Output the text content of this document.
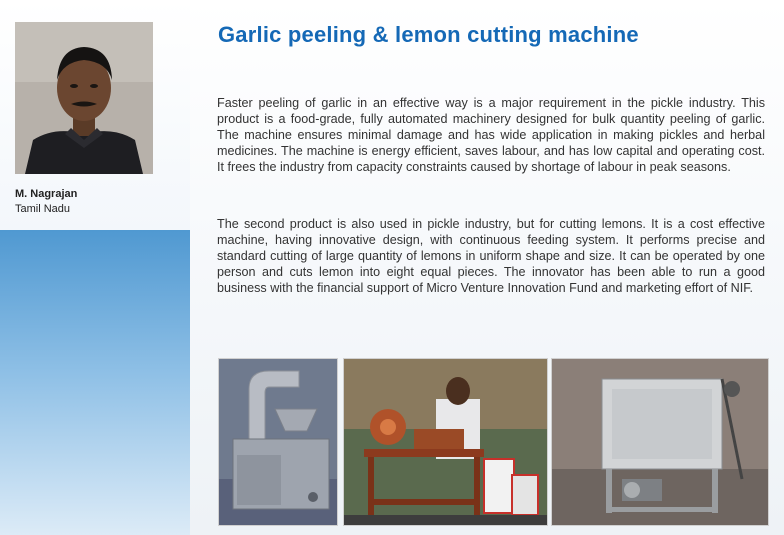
M. Nagrajan
Tamil Nadu
Garlic peeling & lemon cutting machine

Faster peeling of garlic in an effective way is a major requirement in the pickle industry. This product is a food-grade, fully automated machinery designed for bulk quantity peeling of garlic. The machine ensures minimal damage and has wide application in making pickles and herbal medicines. The machine is energy efficient, saves labour, and has low capital and operating cost. It frees the industry from capacity constraints caused by shortage of labour in peak seasons.

The second product is also used in pickle industry, but for cutting lemons. It is a cost effective machine, having innovative design, with continuous feeding system. It performs precise and standard cutting of large quantity of lemons in uniform shape and size. It can be operated by one person and cuts lemon into eight equal pieces. The innovator has been able to run a good business with the financial support of Micro Venture Innovation Fund and marketing effort of NIF.
